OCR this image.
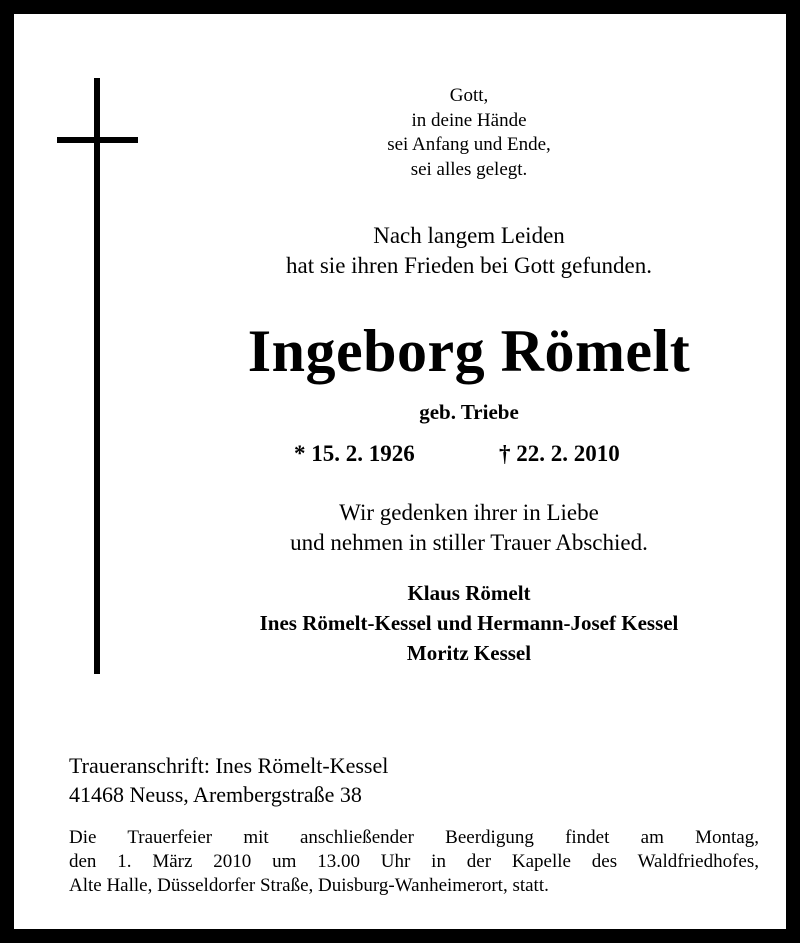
Gott,
in deine Hände
sei Anfang und Ende,
sei alles gelegt.
Nach langem Leiden
hat sie ihren Frieden bei Gott gefunden.
Ingeborg Römelt
geb. Triebe
* 15. 2. 1926	† 22. 2. 2010
Wir gedenken ihrer in Liebe
und nehmen in stiller Trauer Abschied.
Klaus Römelt
Ines Römelt-Kessel und Hermann-Josef Kessel
Moritz Kessel
Traueranschrift: Ines Römelt-Kessel
41468 Neuss, Arembergstraße 38
Die Trauerfeier mit anschließender Beerdigung findet am Montag,
den 1. März 2010 um 13.00 Uhr in der Kapelle des Waldfriedhofes,
Alte Halle, Düsseldorfer Straße, Duisburg-Wanheimerort, statt.
